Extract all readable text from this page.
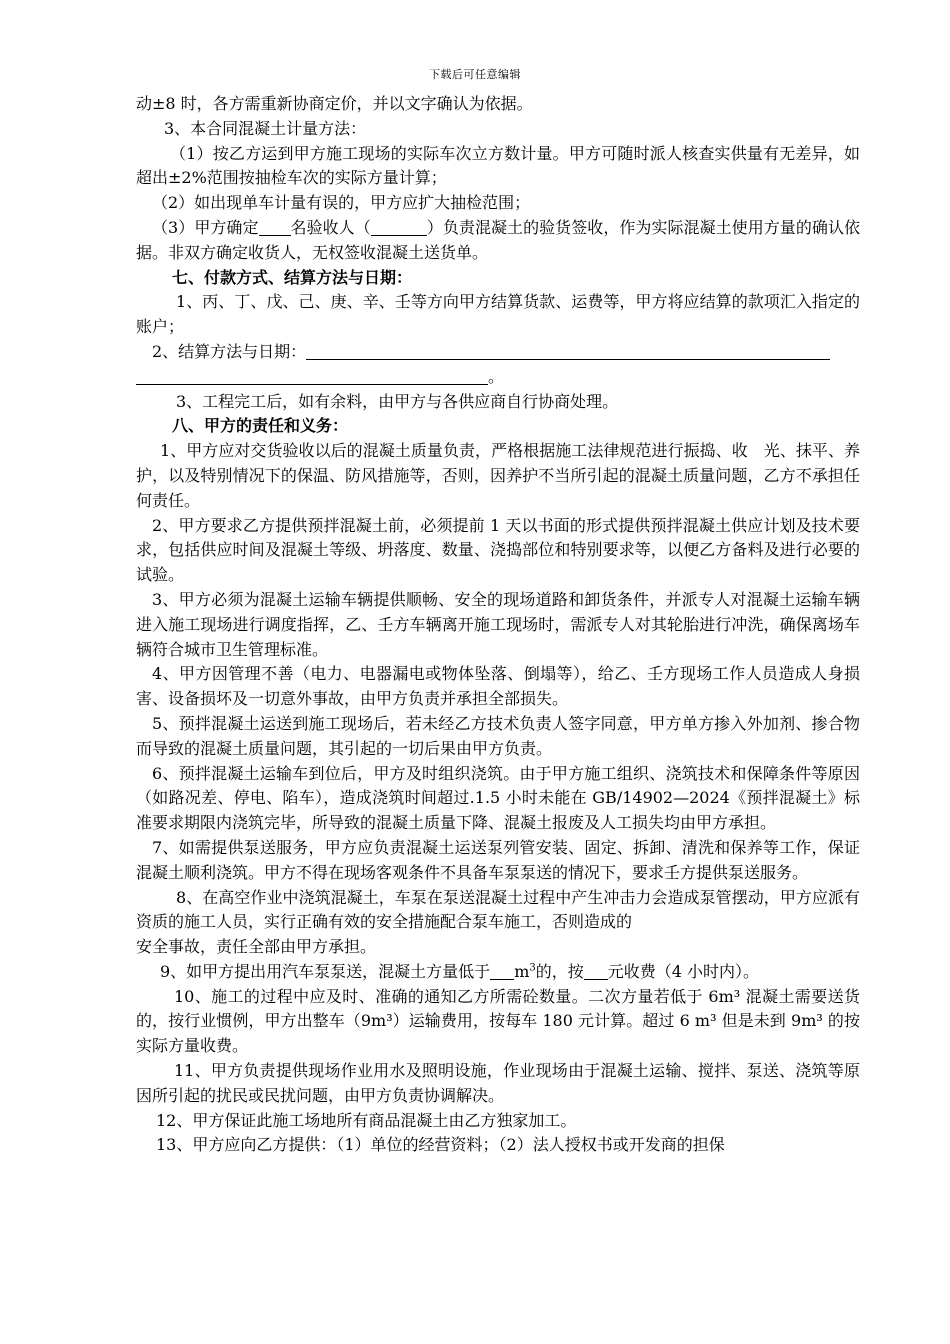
下载后可任意编辑

动±8 时，各方需重新协商定价，并以文字确认为依据。

3、本合同混凝土计量方法：

（1）按乙方运到甲方施工现场的实际车次立方数计量。甲方可随时派人核查实供量有无差异，如超出±2%范围按抽检车次的实际方量计算；

（2）如出现单车计量有误的，甲方应扩大抽检范围；

（3）甲方确定 名验收人（	）负责混凝土的验货签收，作为实际混凝土使用方量的确认依据。非双方确定收货人，无权签收混凝土送货单。

七、付款方式、结算方法与日期：

1、丙、丁、戊、己、庚、辛、壬等方向甲方结算货款、运费等，甲方将应结算的款项汇入指定的账户；

2、结算方法与日期：

。

3、工程完工后，如有余料，由甲方与各供应商自行协商处理。

八、甲方的责任和义务：

1、甲方应对交货验收以后的混凝土质量负责，严格根据施工法律规范进行振捣、收　光、抹平、养护，以及特别情况下的保温、防风措施等，否则，因养护不当所引起的混凝土质量问题，乙方不承担任何责任。

2、甲方要求乙方提供预拌混凝土前，必须提前 1 天以书面的形式提供预拌混凝土供应计划及技术要求，包括供应时间及混凝土等级、坍落度、数量、浇捣部位和特别要求等，以便乙方备料及进行必要的试验。

3、甲方必须为混凝土运输车辆提供顺畅、安全的现场道路和卸货条件，并派专人对混凝土运输车辆进入施工现场进行调度指挥，乙、壬方车辆离开施工现场时，需派专人对其轮胎进行冲洗，确保离场车辆符合城市卫生管理标准。

4、甲方因管理不善（电力、电器漏电或物体坠落、倒塌等），给乙、壬方现场工作人员造成人身损害、设备损坏及一切意外事故，由甲方负责并承担全部损失。

5、预拌混凝土运送到施工现场后，若未经乙方技术负责人签字同意，甲方单方掺入外加剂、掺合物而导致的混凝土质量问题，其引起的一切后果由甲方负责。

6、预拌混凝土运输车到位后，甲方及时组织浇筑。由于甲方施工组织、浇筑技术和保障条件等原因（如路况差、停电、陷车），造成浇筑时间超过.1.5 小时未能在 GB/14902—2024《预拌混凝土》标准要求期限内浇筑完毕，所导致的混凝土质量下降、混凝土报废及人工损失均由甲方承担。

7、如需提供泵送服务，甲方应负责混凝土运送泵列管安装、固定、拆卸、清洗和保养等工作，保证混凝土顺利浇筑。甲方不得在现场客观条件不具备车泵泵送的情况下，要求壬方提供泵送服务。

8、在高空作业中浇筑混凝土，车泵在泵送混凝土过程中产生冲击力会造成泵管摆动，甲方应派有资质的施工人员，实行正确有效的安全措施配合泵车施工，否则造成的

安全事故，责任全部由甲方承担。

9、如甲方提出用汽车泵泵送，混凝土方量低于 $m^3$的，按 元收费（4 小时内）。

10、施工的过程中应及时、准确的通知乙方所需砼数量。二次方量若低于 6m³ 混凝土需要送货的，按行业惯例，甲方出整车（9m³）运输费用，按每车 180 元计算。超过 6 m³ 但是未到 9m³ 的按实际方量收费。

11、甲方负责提供现场作业用水及照明设施，作业现场由于混凝土运输、搅拌、泵送、浇筑等原因所引起的扰民或民扰问题，由甲方负责协调解决。

12、甲方保证此施工场地所有商品混凝土由乙方独家加工。

13、甲方应向乙方提供：（1）单位的经营资料；（2）法人授权书或开发商的担保
